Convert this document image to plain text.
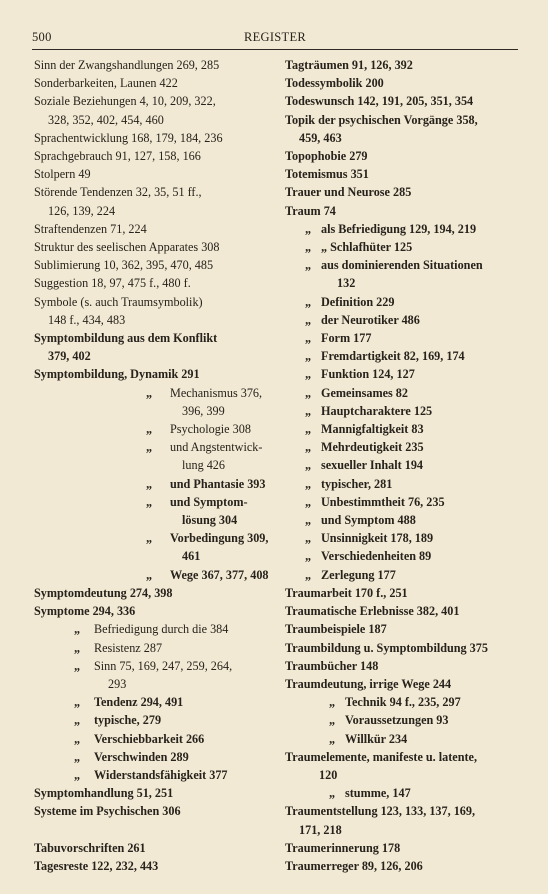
500	REGISTER
Sinn der Zwangshandlungen 269, 285
Sonderbarkeiten, Launen 422
Soziale Beziehungen 4, 10, 209, 322,
328, 352, 402, 454, 460
Sprachentwicklung 168, 179, 184, 236
Sprachgebrauch 91, 127, 158, 166
Stolpern 49
Störende Tendenzen 32, 35, 51 ff.,
126, 139, 224
Straftendenzen 71, 224
Struktur des seelischen Apparates 308
Sublimierung 10, 362, 395, 470, 485
Suggestion 18, 97, 475 f., 480 f.
Symbole (s. auch Traumsymbolik)
148 f., 434, 483
Symptombildung aus dem Konflikt
379, 402
Symptombildung, Dynamik 291
„ Mechanismus 376,
396, 399
„ Psychologie 308
„ und Angstentwick-
lung 426
„ und Phantasie 393
„ und Symptom-
lösung 304
„ Vorbedingung 309,
461
„ Wege 367, 377, 408
Symptomdeutung 274, 398
Symptome 294, 336
„ Befriedigung durch die 384
„ Resistenz 287
„ Sinn 75, 169, 247, 259, 264,
293
„ Tendenz 294, 491
„ typische, 279
„ Verschiebbarkeit 266
„ Verschwinden 289
„ Widerstandsfähigkeit 377
Symptomhandlung 51, 251
Systeme im Psychischen 306
Tabuvorschriften 261
Tagesreste 122, 232, 443
Tagträumen 91, 126, 392
Todessymbolik 200
Todeswunsch 142, 191, 205, 351, 354
Topik der psychischen Vorgänge 358,
459, 463
Topophobie 279
Totemismus 351
Trauer und Neurose 285
Traum 74
„ als Befriedigung 129, 194, 219
„ „ Schlafhüter 125
„ aus dominierenden Situationen
132
„ Definition 229
„ der Neurotiker 486
„ Form 177
„ Fremdartigkeit 82, 169, 174
„ Funktion 124, 127
„ Gemeinsames 82
„ Hauptcharaktere 125
„ Mannigfaltigkeit 83
„ Mehrdeutigkeit 235
„ sexueller Inhalt 194
„ typischer, 281
„ Unbestimmtheit 76, 235
„ und Symptom 488
„ Unsinnigkeit 178, 189
„ Verschiedenheiten 89
„ Zerlegung 177
Traumarbeit 170 f., 251
Traumatische Erlebnisse 382, 401
Traumbeispiele 187
Traumbildung u. Symptombildung 375
Traumbücher 148
Traumdeutung, irrige Wege 244
„ Technik 94 f., 235, 297
„ Voraussetzungen 93
„ Willkür 234
Traumelemente, manifeste u. latente,
120
„ stumme, 147
Traumentstellung 123, 133, 137, 169,
171, 218
Traumerinnerung 178
Traumerreger 89, 126, 206
